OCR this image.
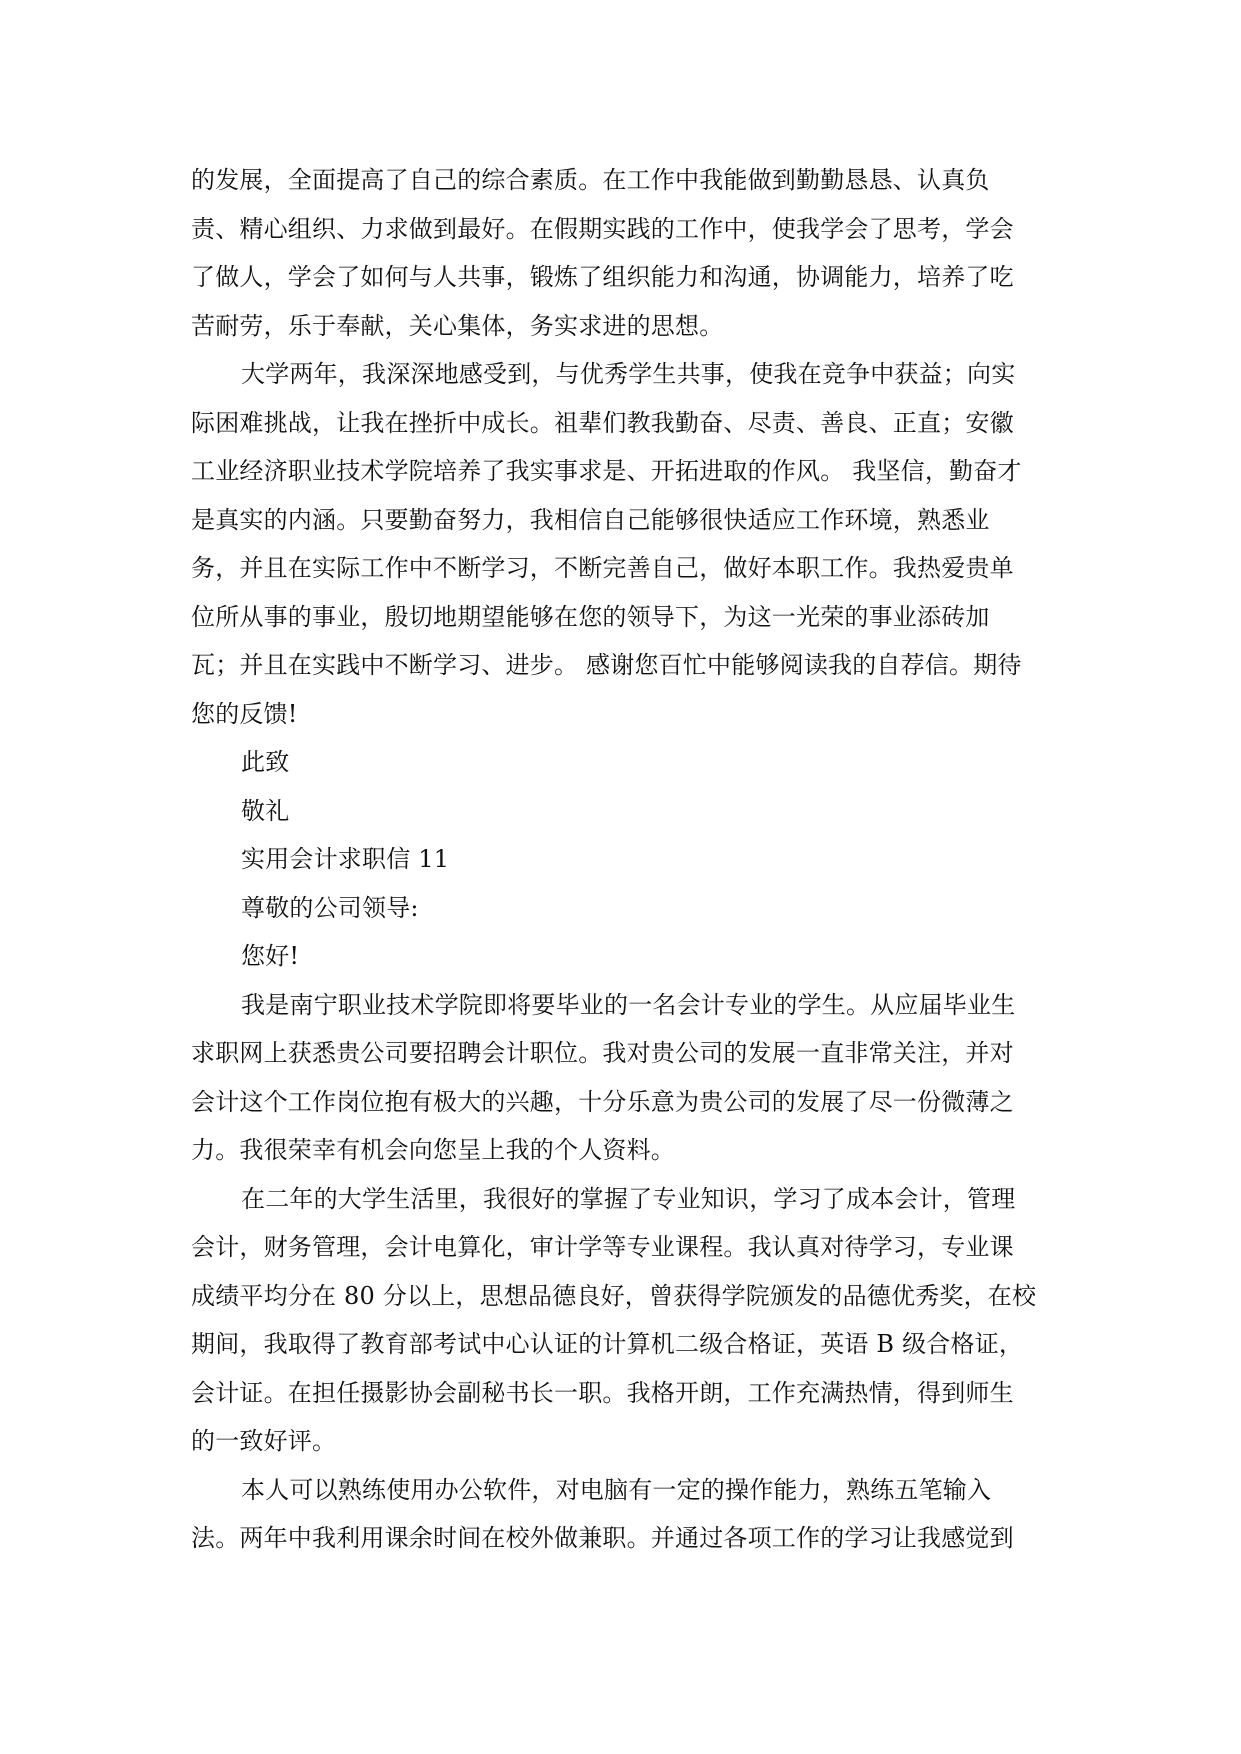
的发展，全面提高了自己的综合素质。在工作中我能做到勤勤恳恳、认真负
责、精心组织、力求做到最好。在假期实践的工作中，使我学会了思考，学会
了做人，学会了如何与人共事，锻炼了组织能力和沟通，协调能力，培养了吃
苦耐劳，乐于奉献，关心集体，务实求进的思想。
大学两年，我深深地感受到，与优秀学生共事，使我在竞争中获益；向实
际困难挑战，让我在挫折中成长。祖辈们教我勤奋、尽责、善良、正直；安徽
工业经济职业技术学院培养了我实事求是、开拓进取的作风。 我坚信，勤奋才
是真实的内涵。只要勤奋努力，我相信自己能够很快适应工作环境，熟悉业
务，并且在实际工作中不断学习，不断完善自己，做好本职工作。我热爱贵单
位所从事的事业，殷切地期望能够在您的领导下，为这一光荣的事业添砖加
瓦；并且在实践中不断学习、进步。 感谢您百忙中能够阅读我的自荐信。期待
您的反馈!
此致
敬礼
实用会计求职信 11
尊敬的公司领导:
您好!
我是南宁职业技术学院即将要毕业的一名会计专业的学生。从应届毕业生
求职网上获悉贵公司要招聘会计职位。我对贵公司的发展一直非常关注，并对
会计这个工作岗位抱有极大的兴趣，十分乐意为贵公司的发展了尽一份微薄之
力。我很荣幸有机会向您呈上我的个人资料。
在二年的大学生活里，我很好的掌握了专业知识，学习了成本会计，管理
会计，财务管理，会计电算化，审计学等专业课程。我认真对待学习，专业课
成绩平均分在 80 分以上，思想品德良好，曾获得学院颁发的品德优秀奖，在校
期间，我取得了教育部考试中心认证的计算机二级合格证，英语 B 级合格证，
会计证。在担任摄影协会副秘书长一职。我格开朗，工作充满热情，得到师生
的一致好评。
本人可以熟练使用办公软件，对电脑有一定的操作能力，熟练五笔输入
法。两年中我利用课余时间在校外做兼职。并通过各项工作的学习让我感觉到
